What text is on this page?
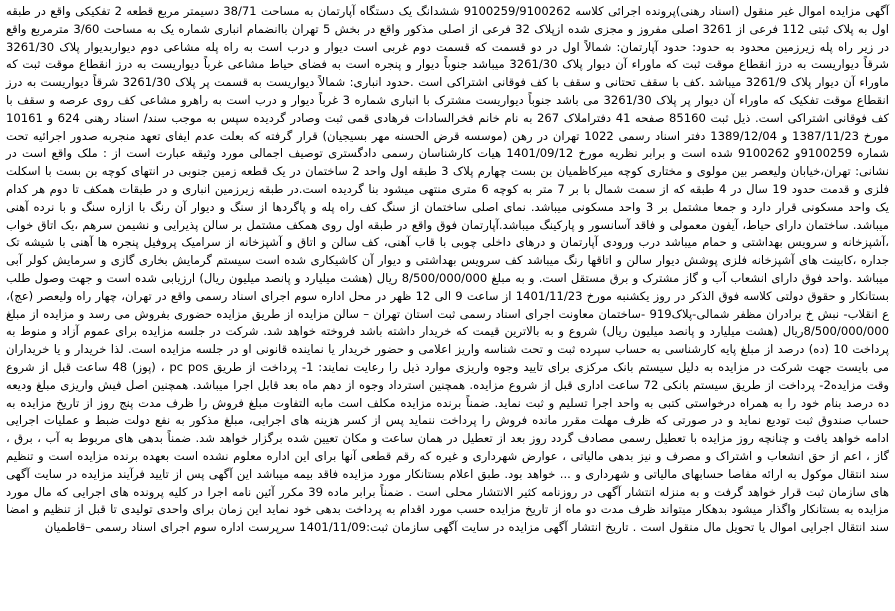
آگهی مزایده اموال غیر منقول (اسناد رهنی)پرونده اجرائی کلاسه 9100259/9100262 ششدانگ یک دستگاه آپارتمان به مساحت 38/71 دسیمتر مربع قطعه 2 تفکیکی واقع در طبقه اول به پلاک ثبتی 112 فرعی از 3261 اصلی مفروز و مجزی شده ازپلاک 32 فرعی از اصلی مذکور واقع در بخش 5 تهران باانضمام انباری شماره یک به مساحت 3/60 مترمربع واقع در زیر راه پله زیرزمین محدود به حدود: حدود آپارتمان: شمالاً اول در دو قسمت که قسمت دوم غربی است دیوار و درب است به راه پله مشاعی دوم دیواربدیوار پلاک 3261/30 شرقاً دیواریست به درز انقطاع موقت ثبت که ماوراء آن دیوار پلاک 3261/30 میباشد جنوباً دیوار و پنجره است به فضای حیاط مشاعی غرباً دیواریست به درز انقطاع موقت ثبت که ماوراء آن دیوار پلاک 3261/9 میباشد .کف با سقف تحتانی و سقف با کف فوقانی اشتراکی است .حدود انباری: شمالاً دیواریست به قسمت پر پلاک 3261/30 شرقاً دیواریست به درز انقطاع موقت تفکیک که ماوراء آن دیوار پر پلاک 3261/30 می باشد جنوباً دیواریست مشترک با انباری شماره 3 غرباً دیوار و درب است به راهرو مشاعی کف روی عرصه و سقف با کف فوقانی اشتراکی است. ذیل ثبت 85160 صفحه 41 دفتراملاک 267 به نام خانم فخرالسادات فرهادی قمی ثبت وصادر گردیده سپس به موجب سند/ اسناد رهنی 624 و 10161 مورخ 1387/11/23 و 1389/12/04 دفتر اسناد رسمی 1022 تهران در رهن (موسسه قرض الحسنه مهر بسیجیان) قرار گرفته که بعلت عدم ایفای تعهد منجربه صدور اجرائیه تحت شماره 9100259و 9100262 شده است و برابر نظریه مورخ 1401/09/12 هیات کارشناسان رسمی دادگستری توصیف اجمالی مورد وثیقه عبارت است از : ملک واقع است در نشانی: تهران،خیابان ولیعصر بین مولوی و مختاری کوچه میرکاظمیان بن بست چهارم پلاک 3 طبقه اول واحد 2 ساختمان در یک قطعه زمین جنوبی در انتهای کوچه بن بست با اسکلت فلزی و قدمت حدود 19 سال در 4 طبقه که از سمت شمال با بر 7 متر به کوچه 6 متری منتهی میشود بنا گردیده است.در طبقه زیرزمین انباری و در طبقات همکف تا دوم هر کدام یک واحد مسکونی قرار دارد و جمعا مشتمل بر 3 واحد مسکونی میباشد. نمای اصلی ساختمان از سنگ کف راه پله و پاگردها از سنگ و دیوار آن رنگ با ازاره سنگ و با نرده آهنی میباشد. ساختمان دارای حیاط، آیفون معمولی و فاقد آسانسور و پارکینگ میباشد.آپارتمان فوق واقع در طبقه اول روی همکف مشتمل بر سالن پذیرایی و نشیمن سرهم ،یک اتاق خواب ،آشپزخانه و سرویس بهداشتی و حمام میباشد درب ورودی آپارتمان و درهای داخلی چوبی با قاب آهنی، کف سالن و اتاق و آشپزخانه از سرامیک پروفیل پنجره ها آهنی با شیشه تک جداره ،کابینت های آشپزخانه فلزی پوشش دیوار سالن و اتاقها رنگ میباشد کف سرویس بهداشتی و دیوار آن کاشیکاری شده است سیستم گرمایش بخاری گازی و سرمایش کولر آبی میباشد .واحد فوق دارای انشعاب آب و گاز مشترک و برق مستقل است. و به مبلغ 8/500/000/000 ریال (هشت میلیارد و پانصد میلیون ریال) ارزیابی شده است و جهت وصول طلب بستانکار و حقوق دولتی کلاسه فوق الذکر در روز یکشنبه مورخ 1401/11/23 از ساعت 9 الی 12 ظهر در محل اداره سوم اجرای اسناد رسمی واقع در تهران، چهار راه ولیعصر (عج)، ع انقلاب- نبش خ برادران مظفر شمالی-پلاک919 -ساختمان معاونت اجرای اسناد رسمی ثبت استان تهران – سالن مزایده از طریق مزایده حضوری بفروش می رسد و مزایده از مبلغ 8/500/000/000ریال (هشت میلیارد و پانصد میلیون ریال) شروع و به بالاترین قیمت که خریدار داشته باشد فروخته خواهد شد. شرکت در جلسه مزایده برای عموم آزاد و منوط به پرداخت 10 (ده) درصد از مبلغ پایه کارشناسی به حساب سپرده ثبت و تحت شناسه واریز اعلامی و حضور خریدار یا نماینده قانونی او در جلسه مزایده است. لذا خریدار و یا خریداران می بایست جهت شرکت در مزایده به دلیل سیستم بانک مرکزی برای تایید وجوه واریزی موارد ذیل را رعایت نمایند: 1- پرداخت از طریق pc pos ، (پوز) 48 ساعت قبل از شروع وقت مزایده2- پرداخت از طریق سیستم بانکی 72 ساعت اداری قبل از شروع مزایده. همچنین استرداد وجوه از دهم ماه بعد قابل اجرا میباشد. همچنین اصل فیش واریزی مبلغ ودیعه ده درصد بنام خود را به همراه درخواستی کتبی به واحد اجرا تسلیم و ثبت نماید. ضمناً برنده مزایده مکلف است مابه التفاوت مبلغ فروش را ظرف مدت پنج روز از تاریخ مزایده به حساب صندوق ثبت تودیع نماید و در صورتی که ظرف مهلت مقرر مانده فروش را پرداخت ننماید پس از کسر هزینه های اجرایی، مبلغ مذکور به نفع دولت ضبط و عملیات اجرایی ادامه خواهد یافت و چنانچه روز مزایده با تعطیل رسمی مصادف گردد روز بعد از تعطیل در همان ساعت و مکان تعیین شده برگزار خواهد شد. ضمناً بدهی های مربوط به آب ، برق ، گاز ، اعم از حق انشعاب و اشتراک و مصرف و نیز بدهی مالیاتی ، عوارض شهرداری و غیره که رقم قطعی آنها برای این اداره معلوم نشده است بعهده برنده مزایده است و تنظیم سند انتقال موکول به ارائه مفاصا حسابهای مالیاتی و شهرداری و ... خواهد بود. طبق اعلام بستانکار مورد مزایده فاقد بیمه میباشد این آگهی پس از تایید فرآیند مزایده در سایت آگهی های سازمان ثبت قرار خواهد گرفت و به منزله انتشار آگهی در روزنامه کثیر الانتشار محلی است . ضمناً برابر ماده 39 مکرر آئین نامه اجرا در کلیه پرونده های اجرایی که مال مورد مزایده به بستانکار واگذار میشود بدهکار میتواند ظرف مدت دو ماه از تاریخ مزایده حسب مورد اقدام به پرداخت بدهی خود نماید این زمان برای واحدی تولیدی تا قبل از تنظیم و امضا سند انتقال اجرایی اموال یا تحویل مال منقول است . تاریخ انتشار آگهی مزایده در سایت آگهی سازمان ثبت:1401/11/09 سرپرست اداره سوم اجرای اسناد رسمی –قاطمیان
